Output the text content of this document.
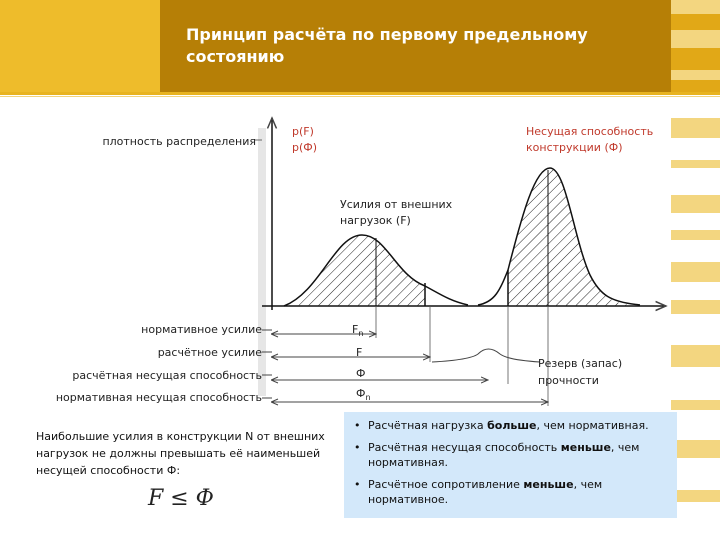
Принцип расчёта по первому предельному состоянию
плотность распределения
p(F)
p(Ф)
Несущая способность
конструкции (Ф)
Усилия от внешних
нагрузок (F)
нормативное усилие
расчётное усилие
расчётная несущая способность
нормативная несущая способность
$F_n$
F
Ф
$Ф_n$
Резерв (запас)
прочности
Наибольшие усилия в конструкции N от внешних нагрузок не должны превышать её наименьшей несущей способности Ф:
F ≤ Ф
• Расчётная нагрузка больше, чем нормативная.
• Расчётная несущая способность меньше, чем нормативная.
• Расчётное сопротивление меньше, чем нормативное.
